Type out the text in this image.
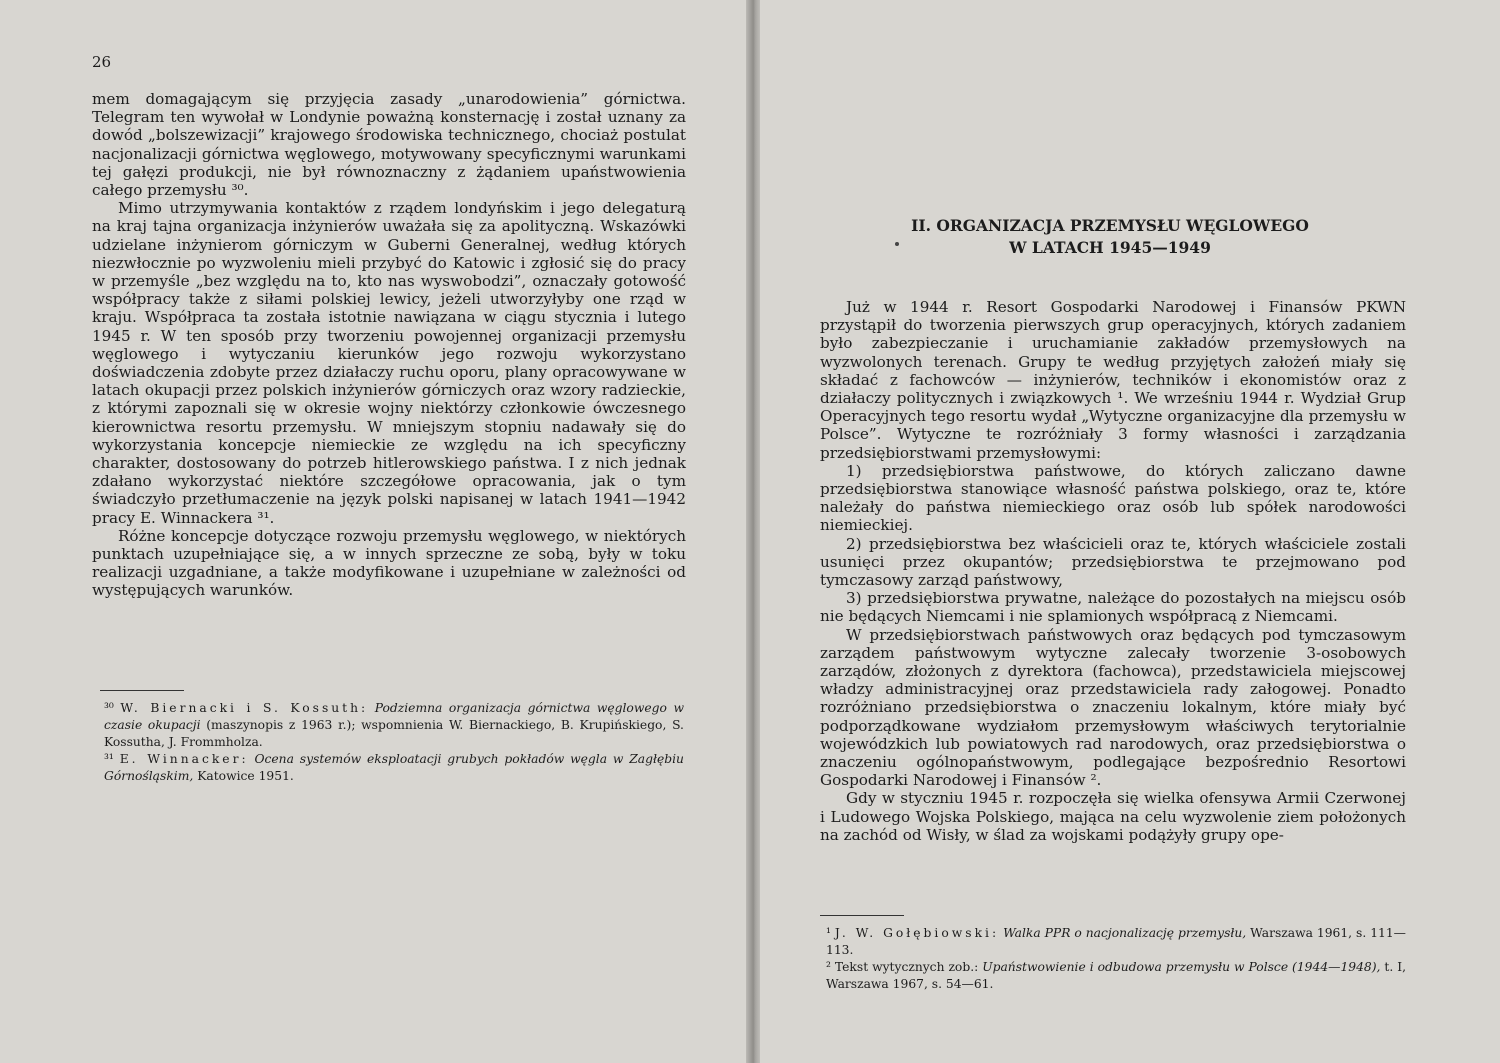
26

mem domagającym się przyjęcia zasady „unarodowienia” górnictwa. Telegram ten wywołał w Londynie poważną konsternację i został uznany za dowód „bolszewizacji” krajowego środowiska technicznego, chociaż postulat nacjonalizacji górnictwa węglowego, motywowany specyficznymi warunkami tej gałęzi produkcji, nie był równoznaczny z żądaniem upaństwowienia całego przemysłu ³⁰.

Mimo utrzymywania kontaktów z rządem londyńskim i jego delegaturą na kraj tajna organizacja inżynierów uważała się za apolityczną. Wskazówki udzielane inżynierom górniczym w Guberni Generalnej, według których niezwłocznie po wyzwoleniu mieli przybyć do Katowic i zgłosić się do pracy w przemyśle „bez względu na to, kto nas wyswobodzi”, oznaczały gotowość współpracy także z siłami polskiej lewicy, jeżeli utworzyłyby one rząd w kraju. Współpraca ta została istotnie nawiązana w ciągu stycznia i lutego 1945 r. W ten sposób przy tworzeniu powojennej organizacji przemysłu węglowego i wytyczaniu kierunków jego rozwoju wykorzystano doświadczenia zdobyte przez działaczy ruchu oporu, plany opracowywane w latach okupacji przez polskich inżynierów górniczych oraz wzory radzieckie, z którymi zapoznali się w okresie wojny niektórzy członkowie ówczesnego kierownictwa resortu przemysłu. W mniejszym stopniu nadawały się do wykorzystania koncepcje niemieckie ze względu na ich specyficzny charakter, dostosowany do potrzeb hitlerowskiego państwa. I z nich jednak zdałano wykorzystać niektóre szczegółowe opracowania, jak o tym świadczyło przetłumaczenie na język polski napisanej w latach 1941—1942 pracy E. Winnackera ³¹.

Różne koncepcje dotyczące rozwoju przemysłu węglowego, w niektórych punktach uzupełniające się, a w innych sprzeczne ze sobą, były w toku realizacji uzgadniane, a także modyfikowane i uzupełniane w zależności od występujących warunków.

³⁰ W. Biernacki i S. Kossuth: Podziemna organizacja górnictwa węglowego w czasie okupacji (maszynopis z 1963 r.); wspomnienia W. Biernackiego, B. Krupińskiego, S. Kossutha, J. Frommholza.

³¹ E. Winnacker: Ocena systemów eksploatacji grubych pokładów węgla w Zagłębiu Górnośląskim, Katowice 1951.

II. ORGANIZACJA PRZEMYSŁU WĘGLOWEGO
W LATACH 1945—1949

Już w 1944 r. Resort Gospodarki Narodowej i Finansów PKWN przystąpił do tworzenia pierwszych grup operacyjnych, których zadaniem było zabezpieczanie i uruchamianie zakładów przemysłowych na wyzwolonych terenach. Grupy te według przyjętych założeń miały się składać z fachowców — inżynierów, techników i ekonomistów oraz z działaczy politycznych i związkowych ¹. We wrześniu 1944 r. Wydział Grup Operacyjnych tego resortu wydał „Wytyczne organizacyjne dla przemysłu w Polsce”. Wytyczne te rozróżniały 3 formy własności i zarządzania przedsiębiorstwami przemysłowymi:

1) przedsiębiorstwa państwowe, do których zaliczano dawne przedsiębiorstwa stanowiące własność państwa polskiego, oraz te, które należały do państwa niemieckiego oraz osób lub spółek narodowości niemieckiej.

2) przedsiębiorstwa bez właścicieli oraz te, których właściciele zostali usunięci przez okupantów; przedsiębiorstwa te przejmowano pod tymczasowy zarząd państwowy,

3) przedsiębiorstwa prywatne, należące do pozostałych na miejscu osób nie będących Niemcami i nie splamionych współpracą z Niemcami.

W przedsiębiorstwach państwowych oraz będących pod tymczasowym zarządem państwowym wytyczne zalecały tworzenie 3-osobowych zarządów, złożonych z dyrektora (fachowca), przedstawiciela miejscowej władzy administracyjnej oraz przedstawiciela rady załogowej. Ponadto rozróżniano przedsiębiorstwa o znaczeniu lokalnym, które miały być podporządkowane wydziałom przemysłowym właściwych terytorialnie wojewódzkich lub powiatowych rad narodowych, oraz przedsiębiorstwa o znaczeniu ogólnopaństwowym, podlegające bezpośrednio Resortowi Gospodarki Narodowej i Finansów ².

Gdy w styczniu 1945 r. rozpoczęła się wielka ofensywa Armii Czerwonej i Ludowego Wojska Polskiego, mająca na celu wyzwolenie ziem położonych na zachód od Wisły, w ślad za wojskami podążyły grupy ope-

¹ J. W. Gołębiowski: Walka PPR o nacjonalizację przemysłu, Warszawa 1961, s. 111—113.

² Tekst wytycznych zob.: Upaństwowienie i odbudowa przemysłu w Polsce (1944—1948), t. I, Warszawa 1967, s. 54—61.
